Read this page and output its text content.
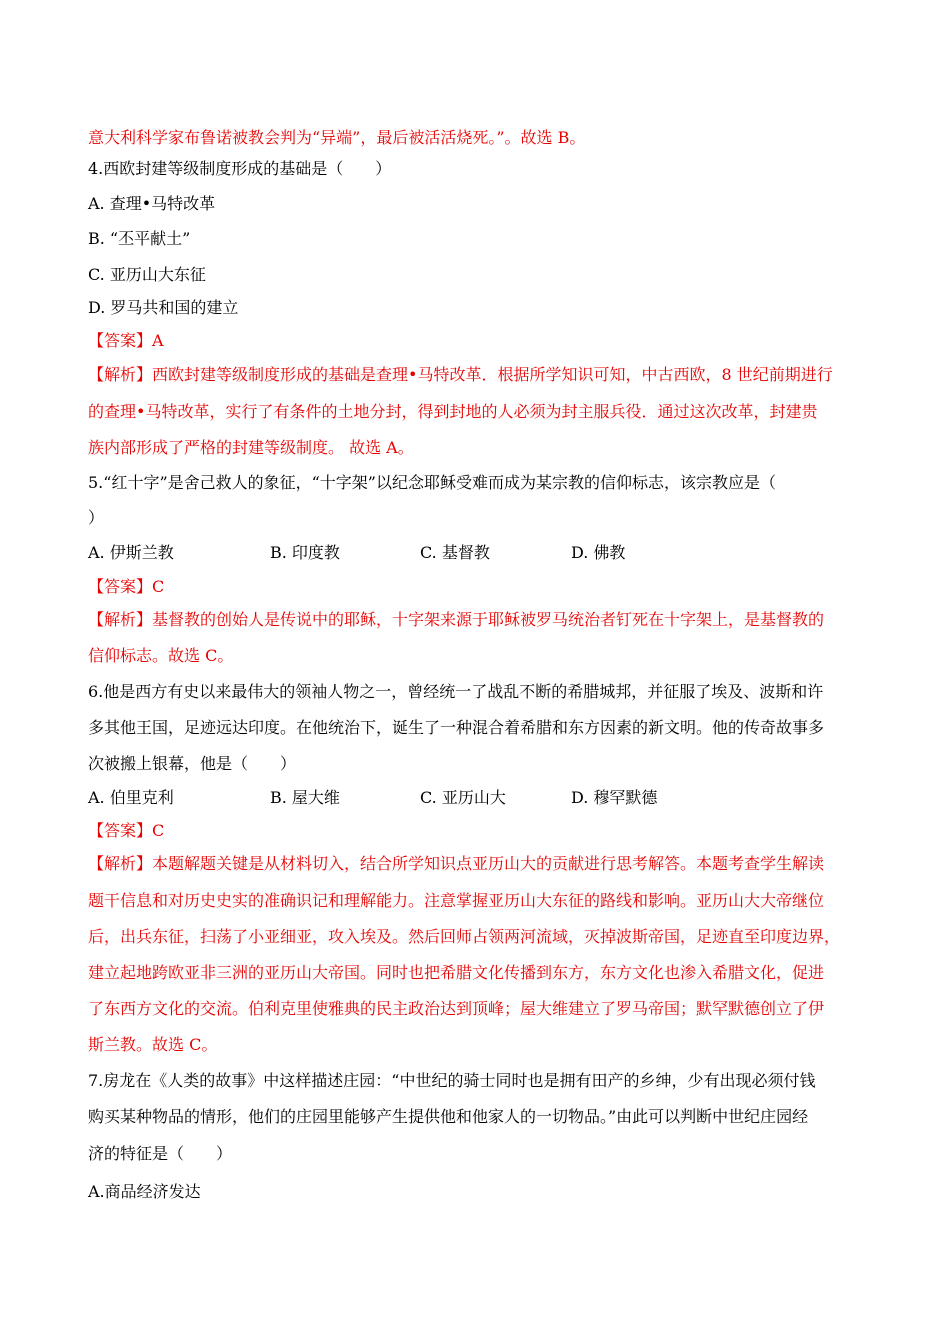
意大利科学家布鲁诺被教会判为“异端”，最后被活活烧死。”。故选 B。
4.西欧封建等级制度形成的基础是（　　）
A. 查理•马特改革
B. “丕平献土”
C. 亚历山大东征
D. 罗马共和国的建立
【答案】A
【解析】西欧封建等级制度形成的基础是查理•马特改革．根据所学知识可知，中古西欧，8 世纪前期进行
的查理•马特改革，实行了有条件的土地分封，得到封地的人必须为封主服兵役．通过这次改革，封建贵
族内部形成了严格的封建等级制度。 故选 A。
5.“红十字”是舍己救人的象征，“十字架”以纪念耶稣受难而成为某宗教的信仰标志，该宗教应是（
）
A. 伊斯兰教	B. 印度教	C. 基督教	D. 佛教
【答案】C
【解析】基督教的创始人是传说中的耶稣，十字架来源于耶稣被罗马统治者钉死在十字架上，是基督教的
信仰标志。故选 C。
6.他是西方有史以来最伟大的领袖人物之一，曾经统一了战乱不断的希腊城邦，并征服了埃及、波斯和许
多其他王国，足迹远达印度。在他统治下，诞生了一种混合着希腊和东方因素的新文明。他的传奇故事多
次被搬上银幕，他是（　　）
A. 伯里克利	B. 屋大维	C. 亚历山大	D. 穆罕默德
【答案】C
【解析】本题解题关键是从材料切入，结合所学知识点亚历山大的贡献进行思考解答。本题考查学生解读
题干信息和对历史史实的准确识记和理解能力。注意掌握亚历山大东征的路线和影响。亚历山大大帝继位
后，出兵东征，扫荡了小亚细亚，攻入埃及。然后回师占领两河流域，灭掉波斯帝国，足迹直至印度边界，
建立起地跨欧亚非三洲的亚历山大帝国。同时也把希腊文化传播到东方，东方文化也渗入希腊文化，促进
了东西方文化的交流。伯利克里使雅典的民主政治达到顶峰；屋大维建立了罗马帝国；默罕默德创立了伊
斯兰教。故选 C。
7.房龙在《人类的故事》中这样描述庄园：“中世纪的骑士同时也是拥有田产的乡绅，少有出现必须付钱
购买某种物品的情形，他们的庄园里能够产生提供他和他家人的一切物品。”由此可以判断中世纪庄园经
济的特征是（　　）
A.商品经济发达
